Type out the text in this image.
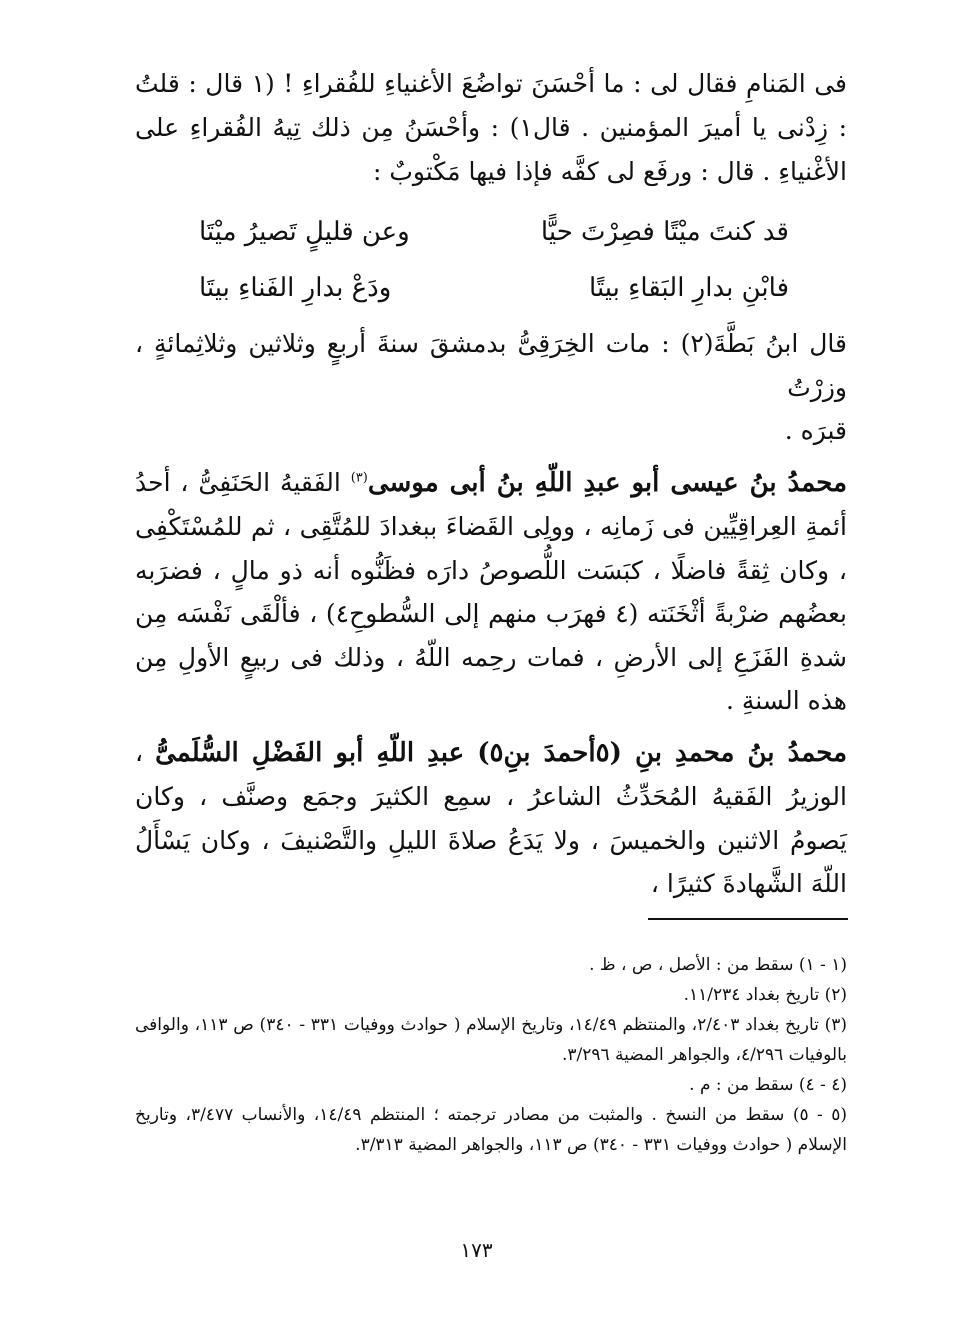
فى المَنامِ فقال لى : ما أحْسَنَ تواضُعَ الأغنياءِ للفُقراءِ ! (١ قال : قلتُ : زِدْنى يا أميرَ المؤمنين . قال١) : وأحْسَنُ مِن ذلك تِيهُ الفُقراءِ على الأغْنياءِ . قال : ورفَع لى كفَّه فإذا فيها مَكْتوبٌ :

قد كنتَ ميْتًا فصِرْتَ حيًّا
وعن قليلٍ تَصيرُ ميْتَا
فابْنِ بدارِ البَقاءِ بيتًا
ودَعْ بدارِ الفَناءِ بيتَا

قال ابنُ بَطَّةَ(٢) : مات الخِرَقِىُّ بدمشقَ سنةَ أربعٍ وثلاثين وثلاثِمائةٍ ، وزرْتُ
قبرَه .

محمدُ بنُ عيسى أبو عبدِ اللّهِ بنُ أبى موسى$^{(٣)}$ الفَقيهُ الحَنَفِىُّ ، أحدُ أئمةِ العِراقِيِّين فى زَمانِه ، وولِى القَضاءَ ببغدادَ للمُتَّقِى ، ثم للمُسْتَكْفِى ، وكان ثِقةً فاضلًا ، كبَسَت اللُّصوصُ دارَه فظَنُّوه أنه ذو مالٍ ، فضرَبه بعضُهم ضرْبةً أثْخَنَته (٤ فهرَب منهم إلى السُّطوحِ٤) ، فألْقَى نَفْسَه مِن شدةِ الفَزَعِ إلى الأرضِ ، فمات رحِمه اللّهُ ، وذلك فى ربيعٍ الأولِ مِن هذه السنةِ .

محمدُ بنُ محمدِ بنِ (٥أحمدَ بنِ٥) عبدِ اللّهِ أبو الفَضْلِ السُّلَمىُّ ، الوزيرُ الفَقيهُ المُحَدِّثُ الشاعرُ ، سمِع الكثيرَ وجمَع وصنَّف ، وكان يَصومُ الاثنين والخميسَ ، ولا يَدَعُ صلاةَ الليلِ والتَّصْنيفَ ، وكان يَسْأَلُ اللّهَ الشَّهادةَ كثيرًا ،

(١ - ١) سقط من : الأصل ، ص ، ظ .

(٢) تاريخ بغداد ١١/٢٣٤.

(٣) تاريخ بغداد ٢/٤٠٣، والمنتظم ١٤/٤٩، وتاريخ الإسلام ( حوادث ووفيات ٣٣١ - ٣٤٠) ص ١١٣، والوافى بالوفيات ٤/٢٩٦، والجواهر المضية ٣/٢٩٦.

(٤ - ٤) سقط من : م .

(٥ - ٥) سقط من النسخ . والمثبت من مصادر ترجمته ؛ المنتظم ١٤/٤٩، والأنساب ٣/٤٧٧، وتاريخ الإسلام ( حوادث ووفيات ٣٣١ - ٣٤٠) ص ١١٣، والجواهر المضية ٣/٣١٣.

١٧٣
